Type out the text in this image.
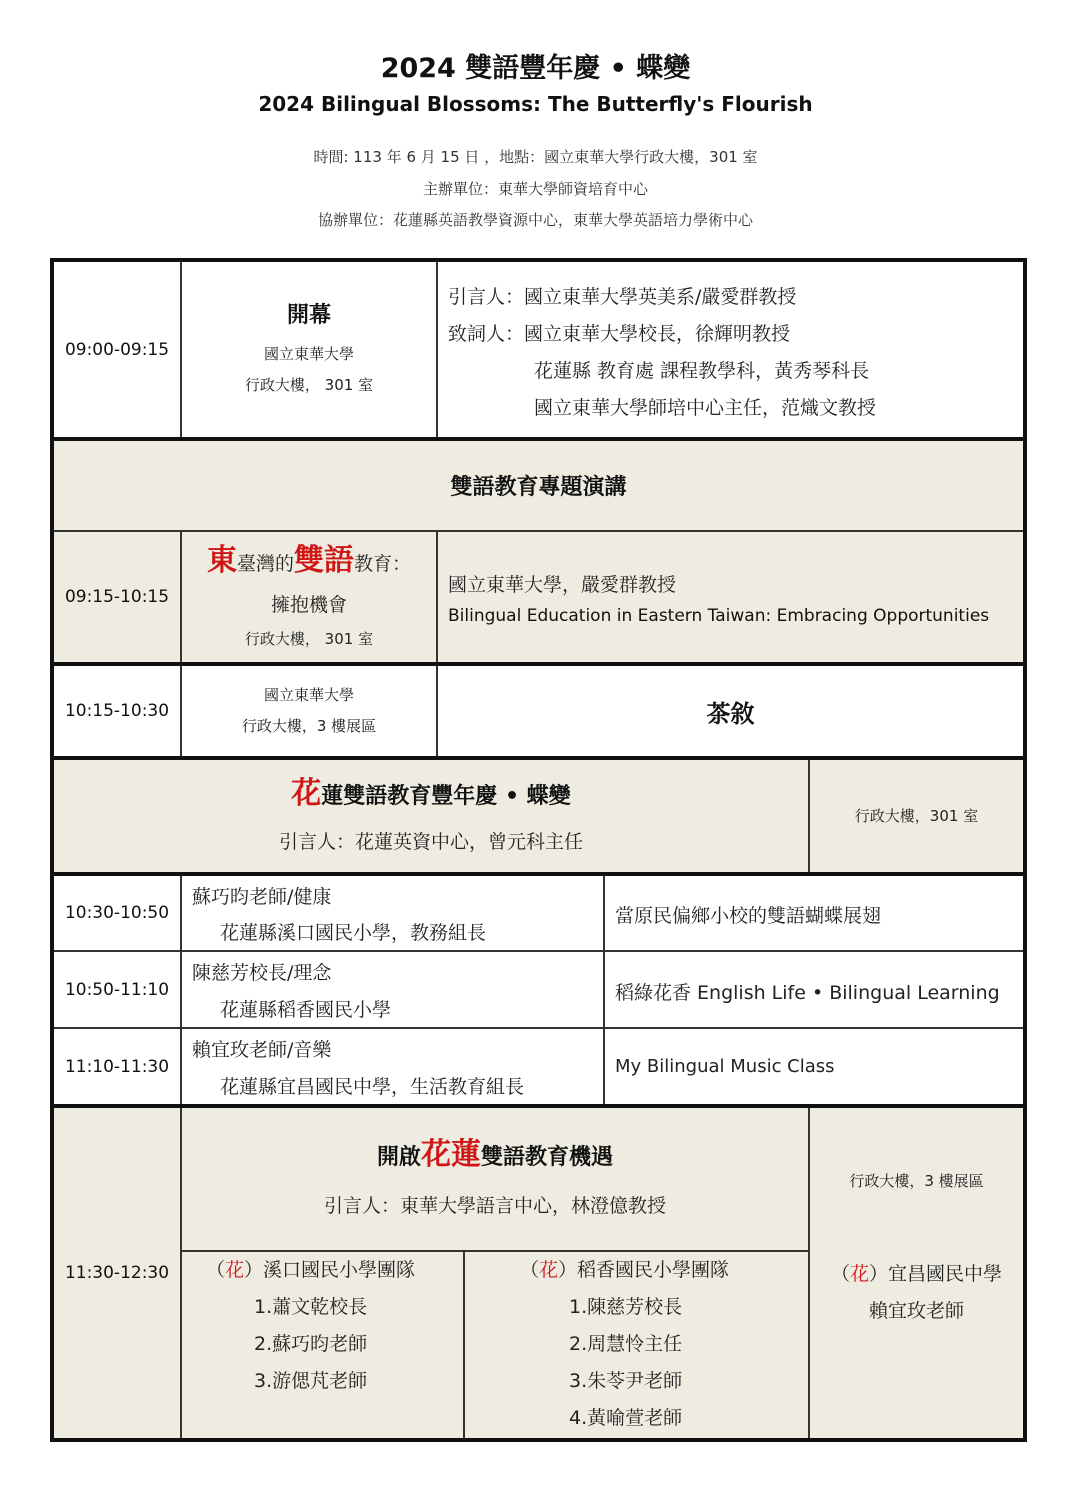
2024 雙語豐年慶 • 蝶變
2024 Bilingual Blossoms: The Butterfly's Flourish
時間: 113 年 6 月 15 日 ，地點：國立東華大學行政大樓，301 室
主辦單位：東華大學師資培育中心
協辦單位：花蓮縣英語教學資源中心，東華大學英語培力學術中心
09:00-09:15
開幕
國立東華大學
行政大樓， 301 室
引言人：國立東華大學英美系/嚴愛群教授
致詞人：國立東華大學校長，徐輝明教授
花蓮縣 教育處 課程教學科，黃秀琴科長
國立東華大學師培中心主任，范熾文教授
雙語教育專題演講
09:15-10:15
東臺灣的雙語教育：
擁抱機會
行政大樓， 301 室
國立東華大學，嚴愛群教授
Bilingual Education in Eastern Taiwan: Embracing Opportunities
10:15-10:30
國立東華大學
行政大樓，3 樓展區	茶敘
花蓮雙語教育豐年慶 • 蝶變
引言人：花蓮英資中心，曾元科主任
行政大樓，301 室
10:30-10:50
蘇巧昀老師/健康
花蓮縣溪口國民小學，教務組長
當原民偏鄉小校的雙語蝴蝶展翅
10:50-11:10
陳慈芳校長/理念
花蓮縣稻香國民小學
稻綠花香 English Life • Bilingual Learning
11:10-11:30
賴宜玫老師/音樂
花蓮縣宜昌國民中學，生活教育組長
My Bilingual Music Class
11:30-12:30
開啟花蓮雙語教育機遇
引言人：東華大學語言中心，林澄億教授
行政大樓，3 樓展區
（花）宜昌國民中學
賴宜玫老師
（花）溪口國民小學團隊
1.蕭文乾校長
2.蘇巧昀老師
3.游偲芃老師
（花）稻香國民小學團隊
1.陳慈芳校長
2.周慧怜主任
3.朱苓尹老師
4.黃喻萱老師
